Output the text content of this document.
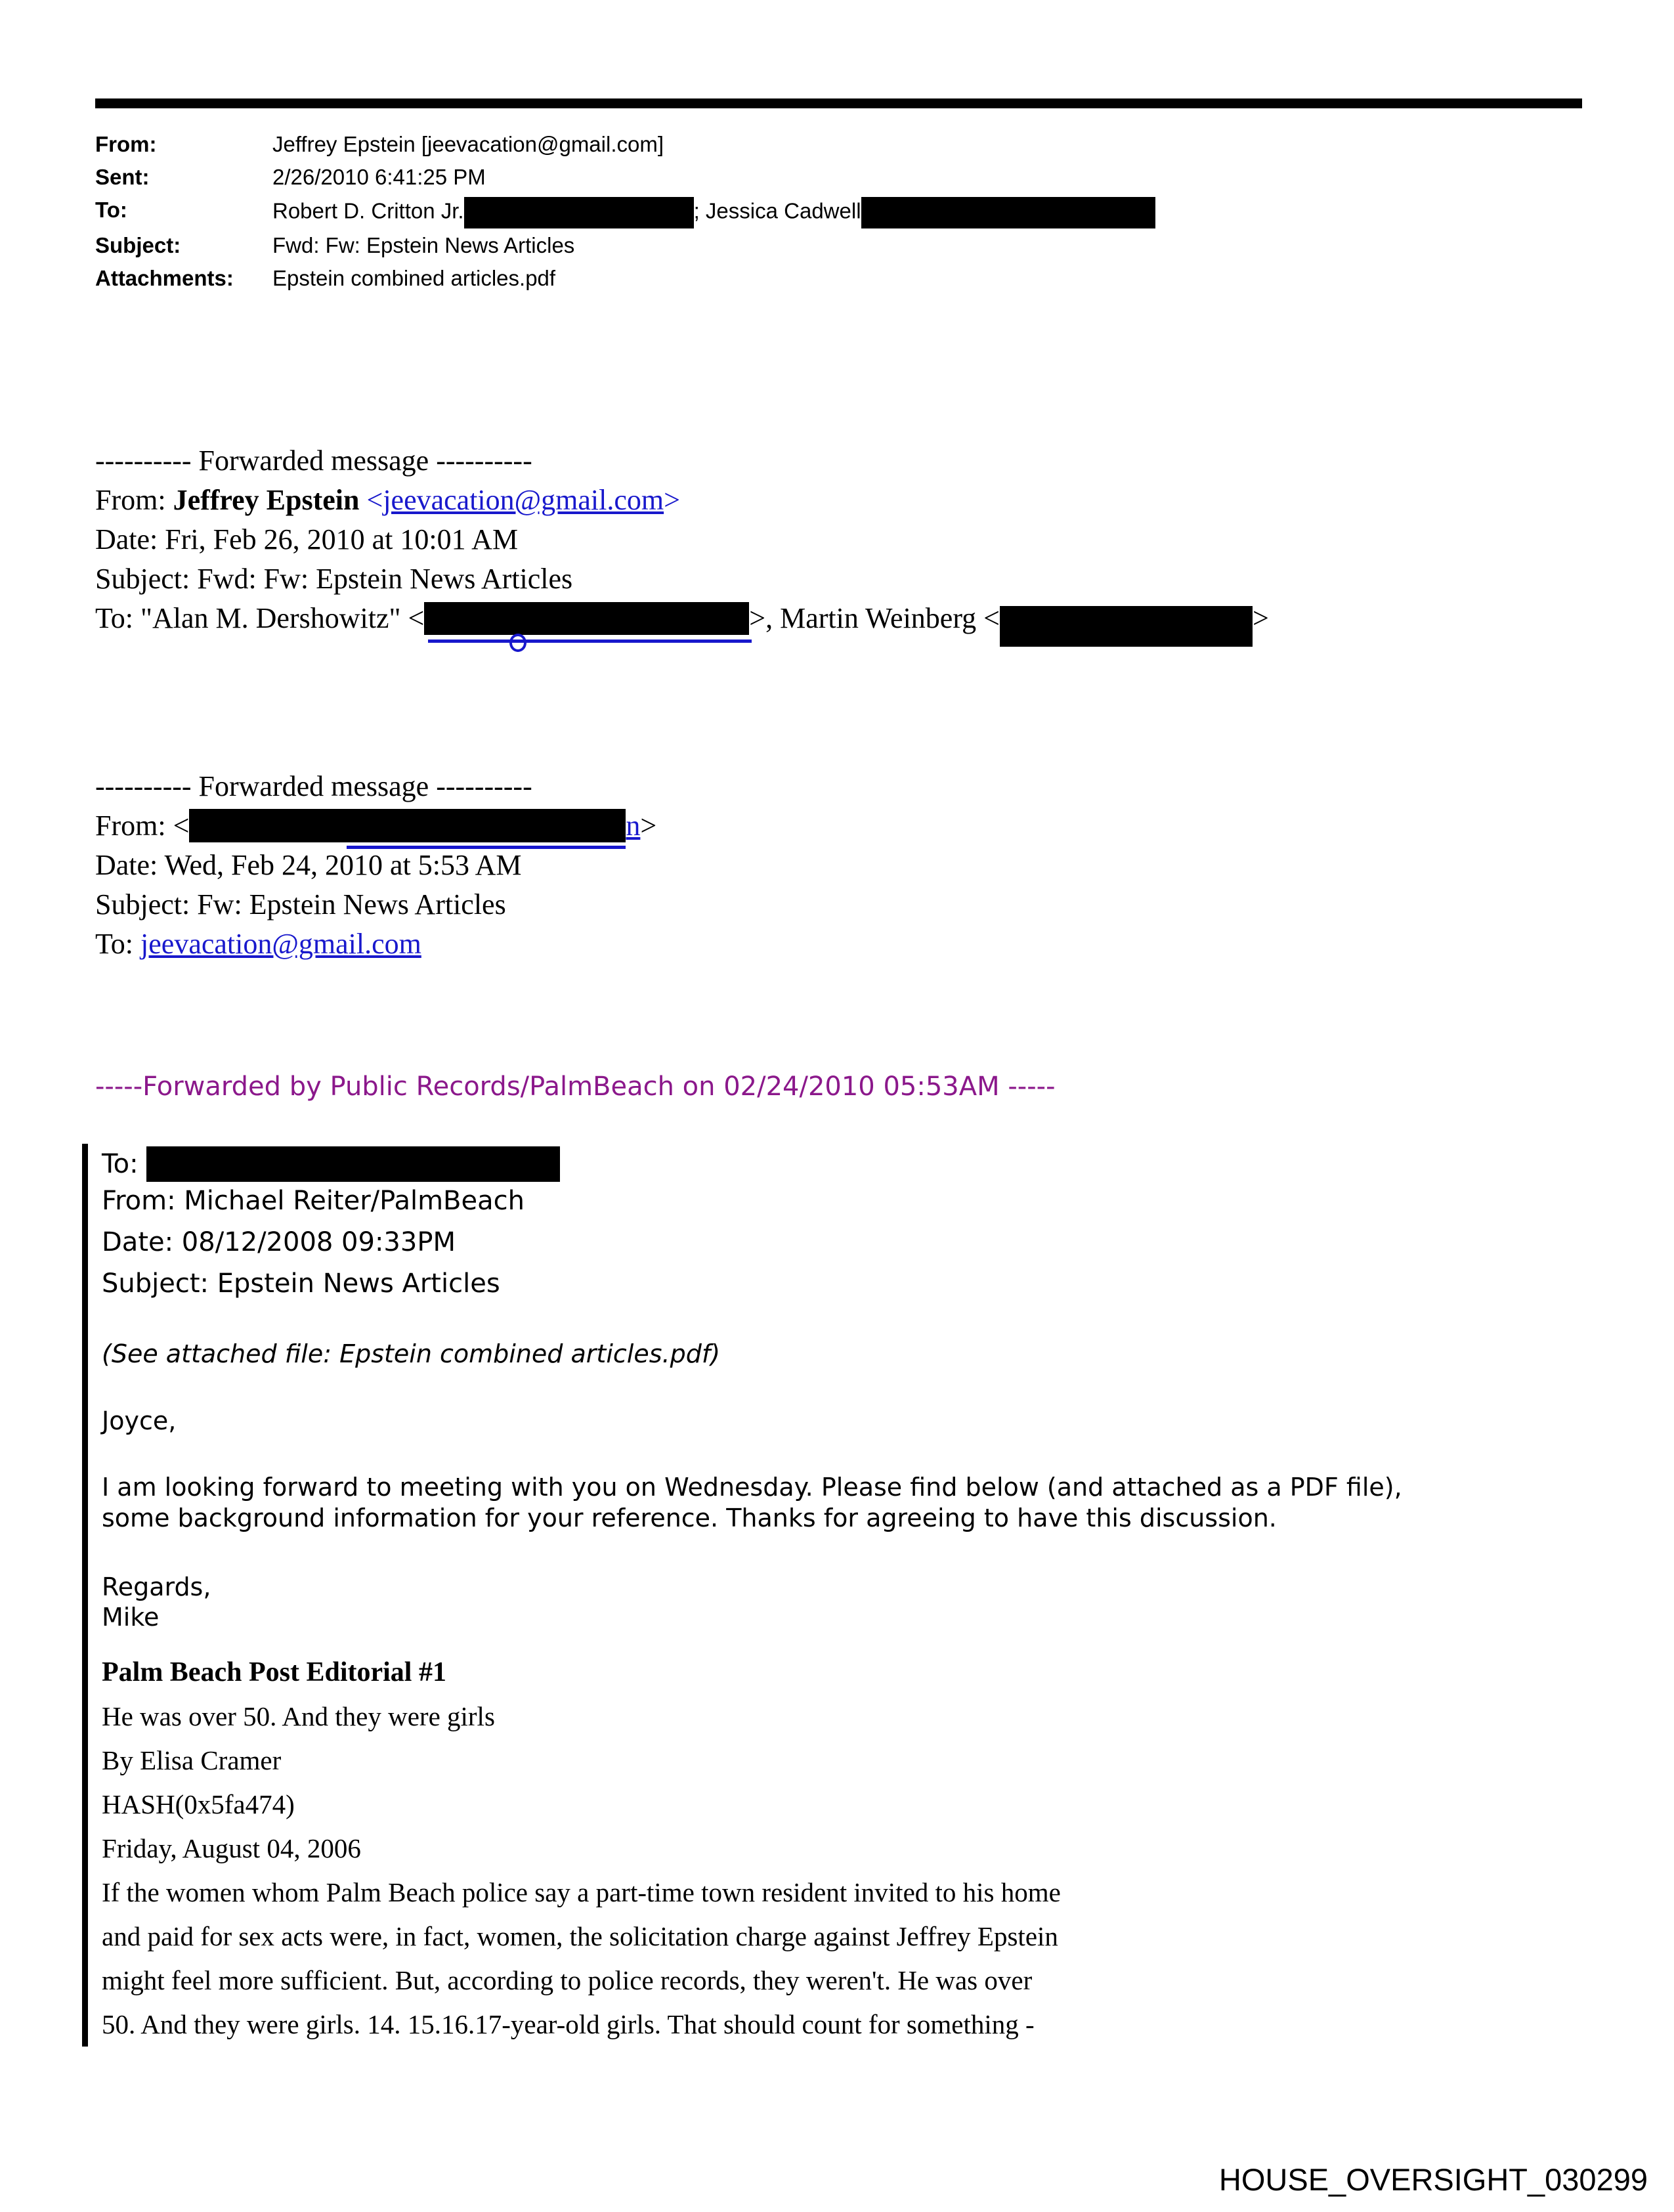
From:	Jeffrey Epstein [jeevacation@gmail.com]
Sent:	2/26/2010 6:41:25 PM
To:	Robert D. Critton Jr.	; Jessica Cadwell
Subject:	Fwd: Fw: Epstein News Articles
Attachments:	Epstein combined articles.pdf
---------- Forwarded message ----------
From: Jeffrey Epstein <jeevacation@gmail.com>
Date: Fri, Feb 26, 2010 at 10:01 AM
Subject: Fwd: Fw: Epstein News Articles
To: "Alan M. Dershowitz" <	>, Martin Weinberg <	>
---------- Forwarded message ----------
From: <	n>
Date: Wed, Feb 24, 2010 at 5:53 AM
Subject: Fw: Epstein News Articles
To: jeevacation@gmail.com
-----Forwarded by Public Records/PalmBeach on 02/24/2010 05:53AM -----
To:
From: Michael Reiter/PalmBeach
Date: 08/12/2008 09:33PM
Subject: Epstein News Articles
(See attached file: Epstein combined articles.pdf)
Joyce,
I am looking forward to meeting with you on Wednesday. Please find below (and attached as a PDF file),
some background information for your reference. Thanks for agreeing to have this discussion.
Regards,
Mike
Palm Beach Post Editorial #1
He was over 50. And they were girls
By Elisa Cramer
HASH(0x5fa474)
Friday, August 04, 2006
If the women whom Palm Beach police say a part-time town resident invited to his home
and paid for sex acts were, in fact, women, the solicitation charge against Jeffrey Epstein
might feel more sufficient. But, according to police records, they weren't. He was over
50. And they were girls. 14. 15.16.17-year-old girls. That should count for something -
HOUSE_OVERSIGHT_030299
